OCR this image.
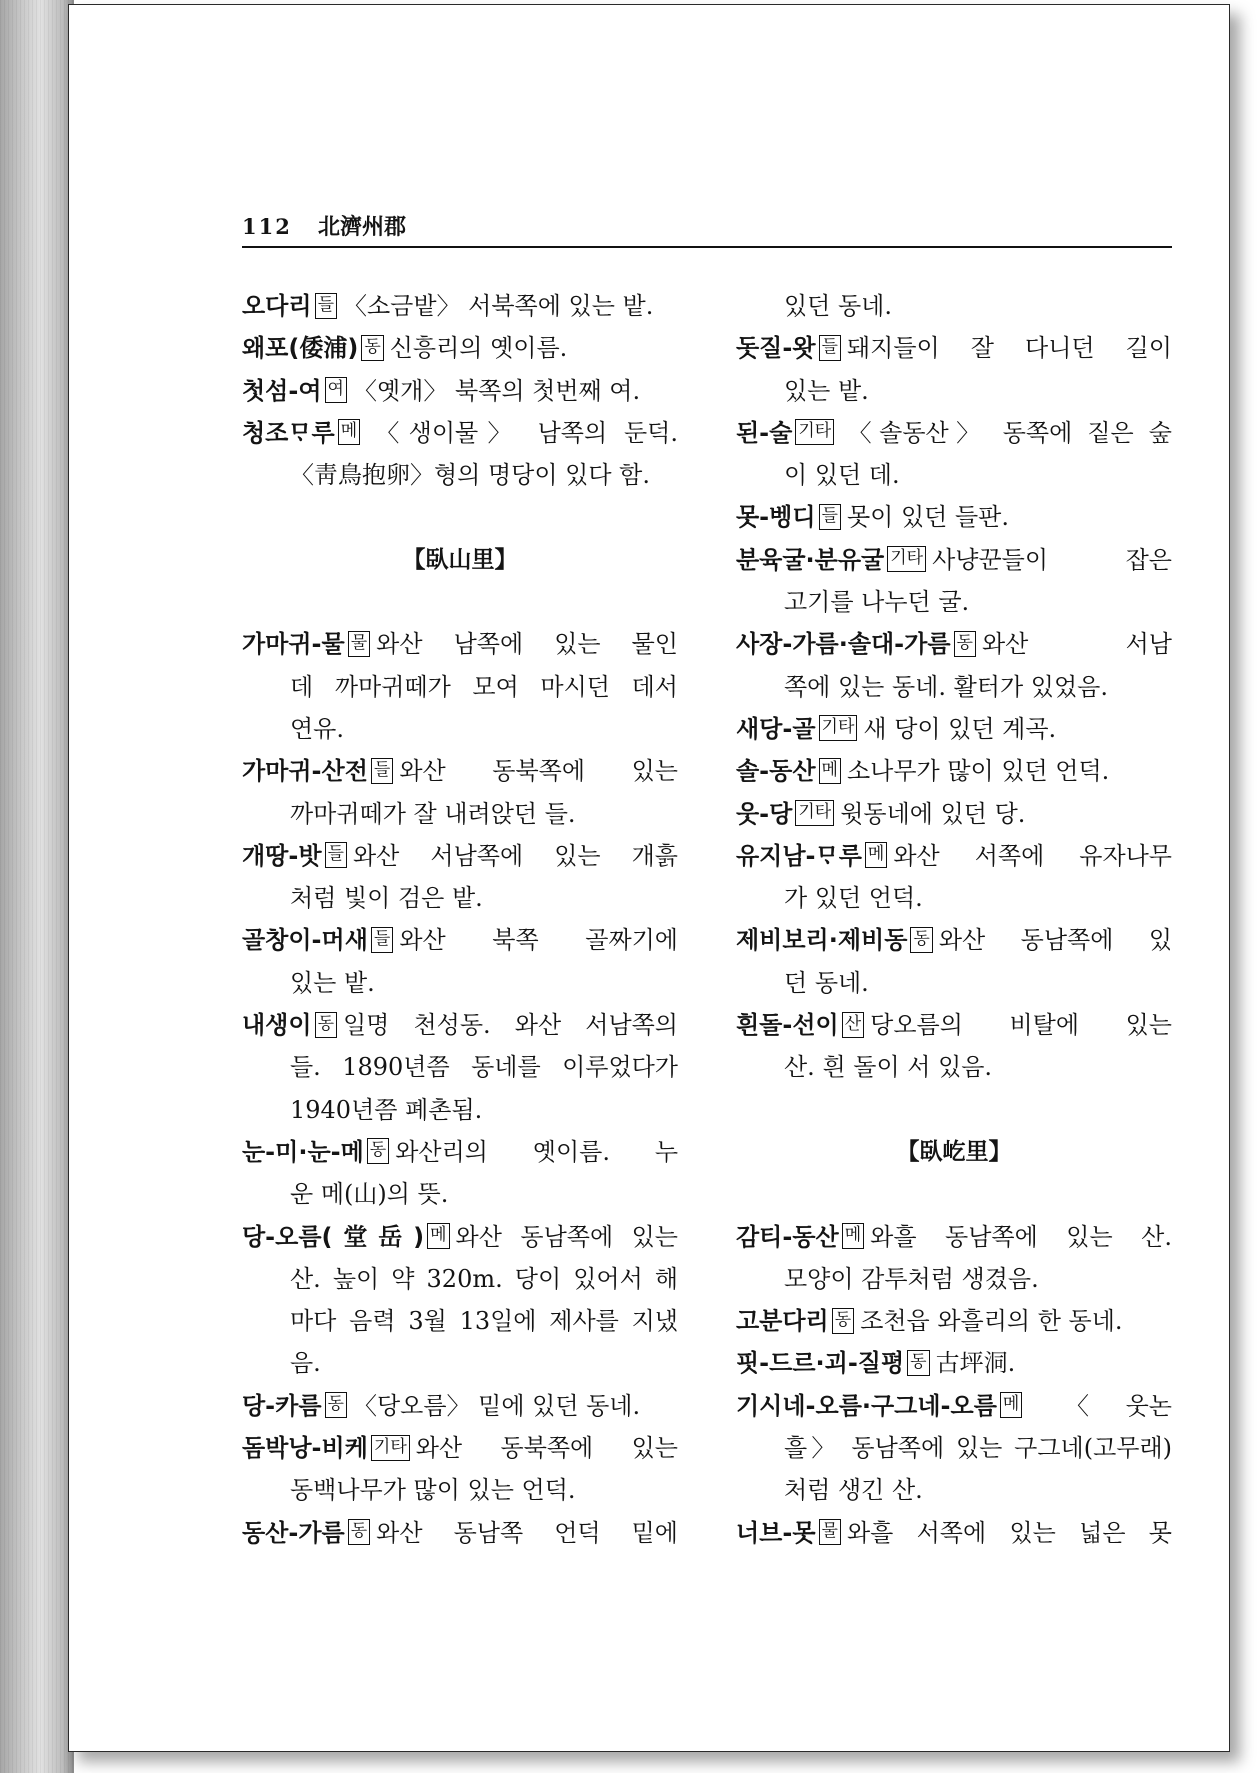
112 北濟州郡
오다리 들 〈소금밭〉 서북쪽에 있는 밭.
왜포(倭浦) 동 신흥리의 옛이름.
첫섬-여 여 〈옛개〉 북쪽의 첫번째 여.
청조ᄆᆞ루 메 〈생이물〉 남쪽의 둔덕.
〈靑鳥抱卵〉형의 명당이 있다 함.
【臥山里】
가마귀-물 물 와산 남쪽에 있는 물인
데 까마귀떼가 모여 마시던 데서
연유.
가마귀-산전 들 와산 동북쪽에 있는
까마귀떼가 잘 내려앉던 들.
개땅-밧 들 와산 서남쪽에 있는 개흙
처럼 빛이 검은 밭.
골창이-머새 들 와산 북쪽 골짜기에
있는 밭.
내생이 동 일명 천성동. 와산 서남쪽의
들. 1890년쯤 동네를 이루었다가
1940년쯤 폐촌됨.
눈-미·눈-메 동 와산리의 옛이름. 누
운 메(山)의 뜻.
당-오름(堂岳) 메 와산 동남쪽에 있는
산. 높이 약 320m. 당이 있어서 해
마다 음력 3월 13일에 제사를 지냈
음.
당-카름 동 〈당오름〉 밑에 있던 동네.
돔박낭-비케 기타 와산 동북쪽에 있는
동백나무가 많이 있는 언덕.
동산-가름 동 와산 동남쪽 언덕 밑에
있던 동네.
돗질-왓 들 돼지들이 잘 다니던 길이
있는 밭.
된-술 기타 〈솔동산〉 동쪽에 짙은 숲
이 있던 데.
못-벵디 들 못이 있던 들판.
분육굴·분유굴 기타 사냥꾼들이 잡은
고기를 나누던 굴.
사장-가름·솔대-가름 동 와산 서남
쪽에 있는 동네. 활터가 있었음.
새당-골 기타 새 당이 있던 계곡.
솔-동산 메 소나무가 많이 있던 언덕.
웃-당 기타 윗동네에 있던 당.
유지남-ᄆᆞ루 메 와산 서쪽에 유자나무
가 있던 언덕.
제비보리·제비동 동 와산 동남쪽에 있
던 동네.
흰돌-선이 산 당오름의 비탈에 있는
산. 흰 돌이 서 있음.
【臥屹里】
감티-동산 메 와흘 동남쪽에 있는 산.
모양이 감투처럼 생겼음.
고분다리 동 조천읍 와흘리의 한 동네.
핏-드르·괴-질평 동 古坪洞.
기시네-오름·구그네-오름 메 〈웃논
흘〉 동남쪽에 있는 구그네(고무래)
처럼 생긴 산.
너브-못 물 와흘 서쪽에 있는 넓은 못
